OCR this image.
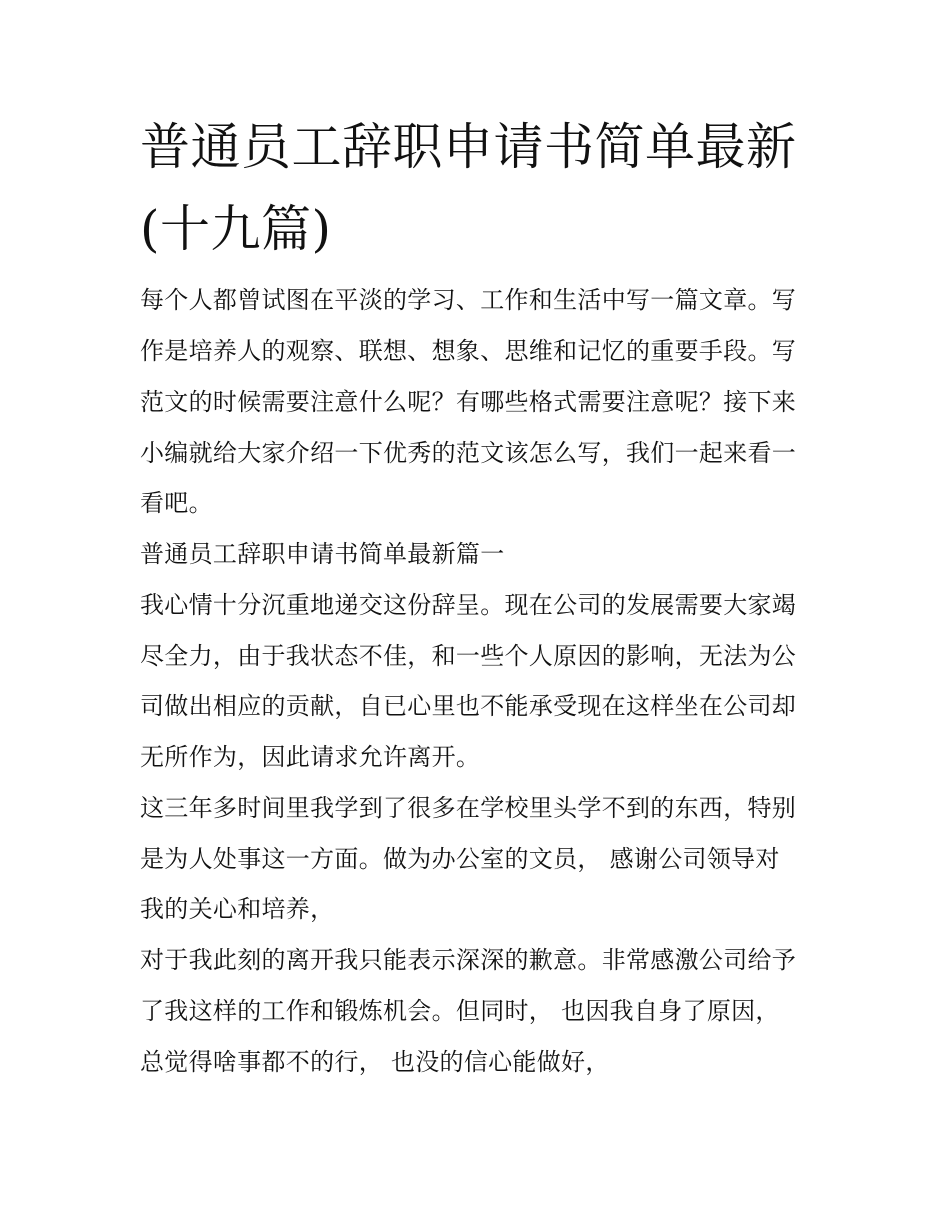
普通员工辞职申请书简单最新
(十九篇)
每个人都曾试图在平淡的学习、工作和生活中写一篇文章。写
作是培养人的观察、联想、想象、思维和记忆的重要手段。写
范文的时候需要注意什么呢？有哪些格式需要注意呢？接下来
小编就给大家介绍一下优秀的范文该怎么写，我们一起来看一
看吧。
普通员工辞职申请书简单最新篇一
我心情十分沉重地递交这份辞呈。现在公司的发展需要大家竭
尽全力，由于我状态不佳，和一些个人原因的影响，无法为公
司做出相应的贡献，自已心里也不能承受现在这样坐在公司却
无所作为，因此请求允许离开。
这三年多时间里我学到了很多在学校里头学不到的东西，特别
是为人处事这一方面。做为办公室的文员， 感谢公司领导对
我的关心和培养，
对于我此刻的离开我只能表示深深的歉意。非常感激公司给予
了我这样的工作和锻炼机会。但同时， 也因我自身了原因，
总觉得啥事都不的行， 也没的信心能做好，
